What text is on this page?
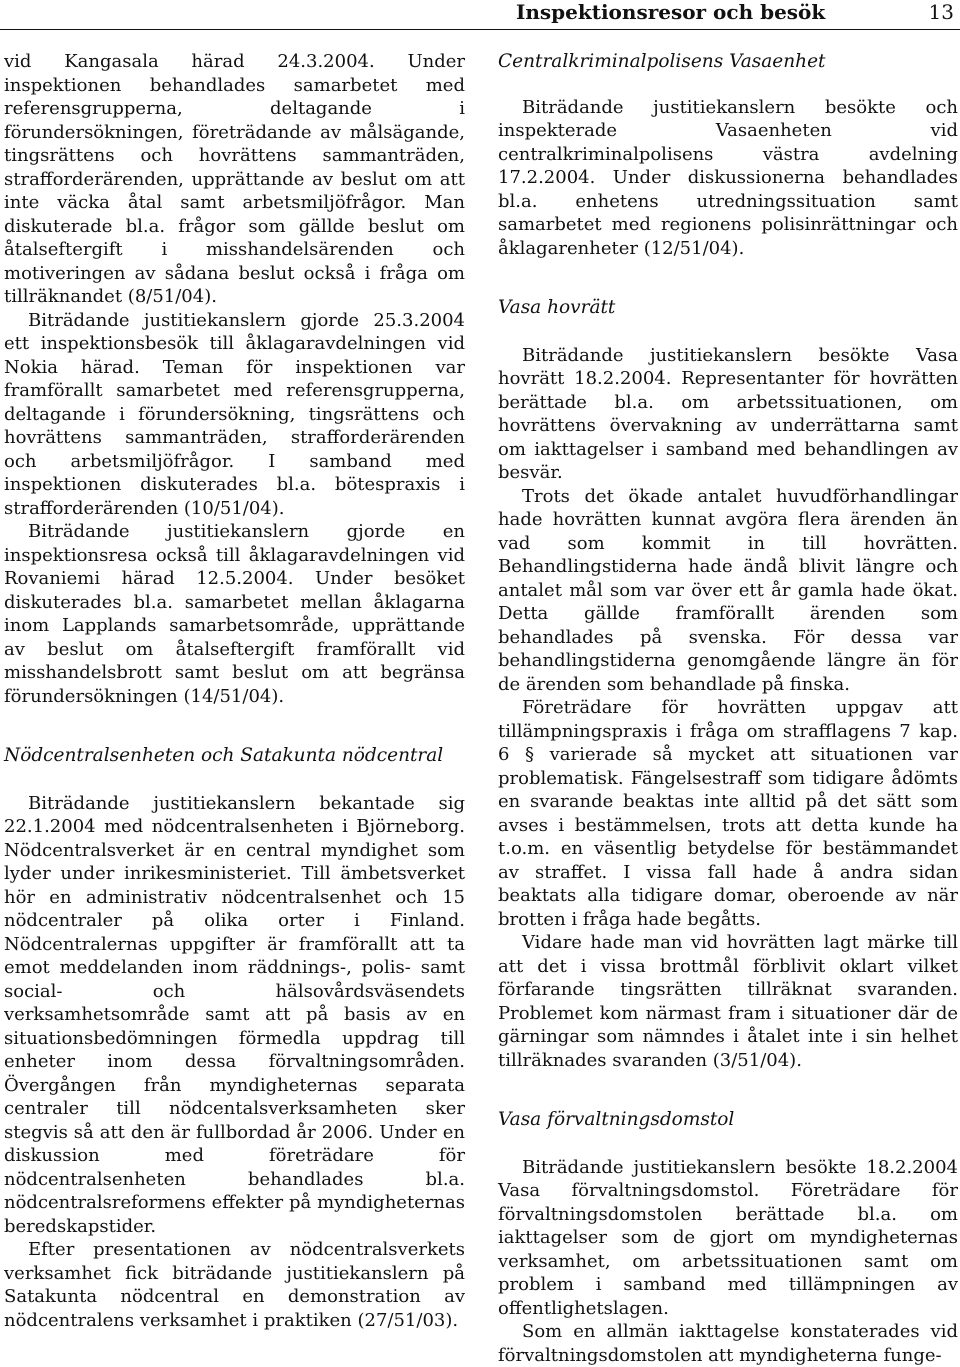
Inspektionsresor och besök	13

vid Kangasala härad 24.3.2004. Under inspektionen behandlades samarbetet med referensgrupperna, deltagande i förundersökningen, företrädande av målsägande, tingsrättens och hovrättens sammanträden, strafforderärenden, upprättande av beslut om att inte väcka åtal samt arbetsmiljöfrågor. Man diskuterade bl.a. frågor som gällde beslut om åtalseftergift i misshandelsärenden och motiveringen av sådana beslut också i fråga om tillräknandet (8/51/04).

Biträdande justitiekanslern gjorde 25.3.2004 ett inspektionsbesök till åklagaravdelningen vid Nokia härad. Teman för inspektionen var framförallt samarbetet med referensgrupperna, deltagande i förundersökning, tingsrättens och hovrättens sammanträden, strafforderärenden och arbetsmiljöfrågor. I samband med inspektionen diskuterades bl.a. bötespraxis i strafforderärenden (10/51/04).

Biträdande justitiekanslern gjorde en inspektionsresa också till åklagaravdelningen vid Rovaniemi härad 12.5.2004. Under besöket diskuterades bl.a. samarbetet mellan åklagarna inom Lapplands samarbetsområde, upprättande av beslut om åtalseftergift framförallt vid misshandelsbrott samt beslut om att begränsa förundersökningen (14/51/04).

Nödcentralsenheten och Satakunta nödcentral

Biträdande justitiekanslern bekantade sig 22.1.2004 med nödcentralsenheten i Björneborg. Nödcentralsverket är en central myndighet som lyder under inrikesministeriet. Till ämbetsverket hör en administrativ nödcentralsenhet och 15 nödcentraler på olika orter i Finland. Nödcentralernas uppgifter är framförallt att ta emot meddelanden inom räddnings-, polis- samt social- och hälsovårdsväsendets verksamhetsområde samt att på basis av en situationsbedömningen förmedla uppdrag till enheter inom dessa förvaltningsområden. Övergången från myndigheternas separata centraler till nödcentalsverksamheten sker stegvis så att den är fullbordad år 2006. Under en diskussion med företrädare för nödcentralsenheten behandlades bl.a. nödcentralsreformens effekter på myndigheternas beredskapstider.

Efter presentationen av nödcentralsverkets verksamhet fick biträdande justitiekanslern på Satakunta nödcentral en demonstration av nödcentralens verksamhet i praktiken (27/51/03).

Centralkriminalpolisens Vasaenhet

Biträdande justitiekanslern besökte och inspekterade Vasaenheten vid centralkriminalpolisens västra avdelning 17.2.2004. Under diskussionerna behandlades bl.a. enhetens utredningssituation samt samarbetet med regionens polisinrättningar och åklagarenheter (12/51/04).

Vasa hovrätt

Biträdande justitiekanslern besökte Vasa hovrätt 18.2.2004. Representanter för hovrätten berättade bl.a. om arbetssituationen, om hovrättens övervakning av underrättarna samt om iakttagelser i samband med behandlingen av besvär.

Trots det ökade antalet huvudförhandlingar hade hovrätten kunnat avgöra flera ärenden än vad som kommit in till hovrätten. Behandlingstiderna hade ändå blivit längre och antalet mål som var över ett år gamla hade ökat. Detta gällde framförallt ärenden som behandlades på svenska. För dessa var behandlingstiderna genomgående längre än för de ärenden som behandlade på finska.

Företrädare för hovrätten uppgav att tillämpningspraxis i fråga om strafflagens 7 kap. 6 § varierade så mycket att situationen var problematisk. Fängelsestraff som tidigare ådömts en svarande beaktas inte alltid på det sätt som avses i bestämmelsen, trots att detta kunde ha t.o.m. en väsentlig betydelse för bestämmandet av straffet. I vissa fall hade å andra sidan beaktats alla tidigare domar, oberoende av när brotten i fråga hade begåtts.

Vidare hade man vid hovrätten lagt märke till att det i vissa brottmål förblivit oklart vilket förfarande tingsrätten tillräknat svaranden. Problemet kom närmast fram i situationer där de gärningar som nämndes i åtalet inte i sin helhet tillräknades svaranden (3/51/04).

Vasa förvaltningsdomstol

Biträdande justitiekanslern besökte 18.2.2004 Vasa förvaltningsdomstol. Företrädare för förvaltningsdomstolen berättade bl.a. om iakttagelser som de gjort om myndigheternas verksamhet, om arbetssituationen samt om problem i samband med tillämpningen av offentlighetslagen.

Som en allmän iakttagelse konstaterades vid förvaltningsdomstolen att myndigheterna funge-
